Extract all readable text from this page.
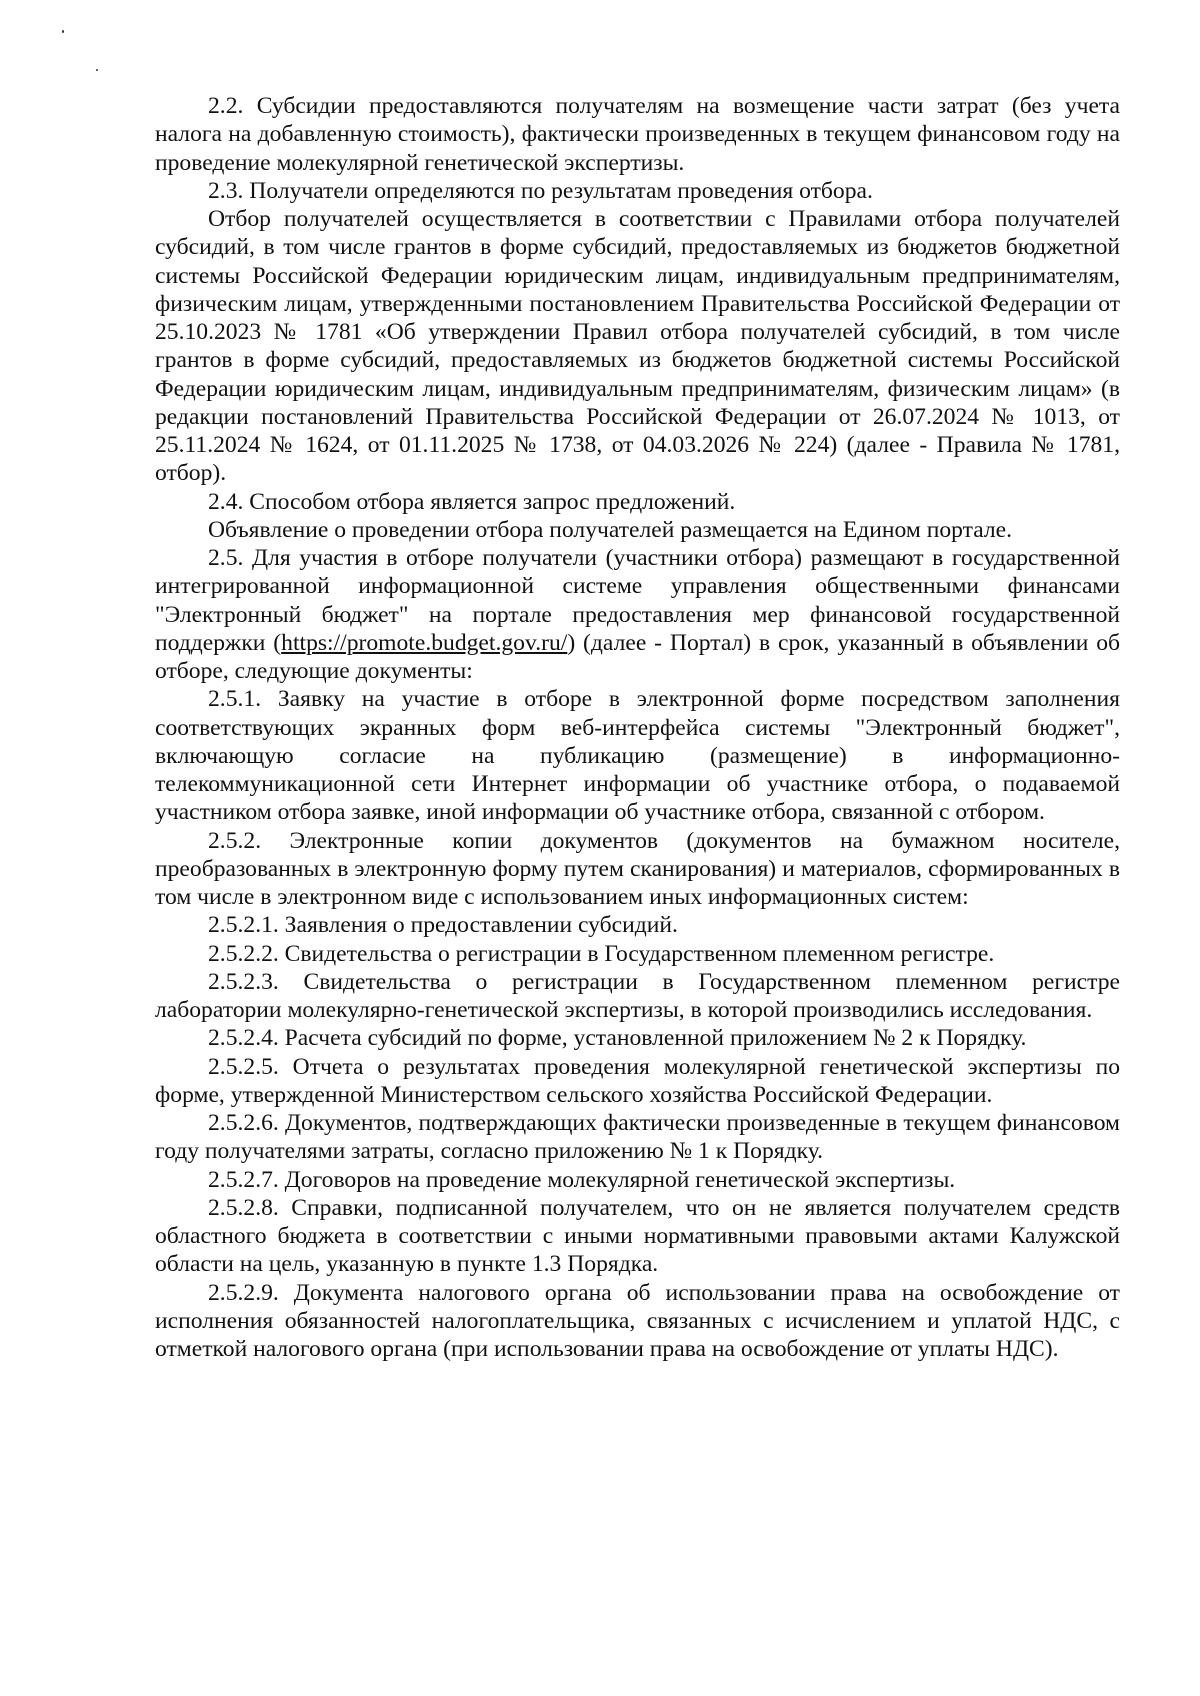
2.2. Субсидии предоставляются получателям на возмещение части затрат (без учета налога на добавленную стоимость), фактически произведенных в текущем финансовом году на проведение молекулярной генетической экспертизы.

2.3. Получатели определяются по результатам проведения отбора.

Отбор получателей осуществляется в соответствии с Правилами отбора получателей субсидий, в том числе грантов в форме субсидий, предоставляемых из бюджетов бюджетной системы Российской Федерации юридическим лицам, индивидуальным предпринимателям, физическим лицам, утвержденными постановлением Правительства Российской Федерации от 25.10.2023 № 1781 «Об утверждении Правил отбора получателей субсидий, в том числе грантов в форме субсидий, предоставляемых из бюджетов бюджетной системы Российской Федерации юридическим лицам, индивидуальным предпринимателям, физическим лицам» (в редакции постановлений Правительства Российской Федерации от 26.07.2024 № 1013, от 25.11.2024 № 1624, от 01.11.2025 № 1738, от 04.03.2026 № 224) (далее - Правила № 1781, отбор).

2.4. Способом отбора является запрос предложений.

Объявление о проведении отбора получателей размещается на Едином портале.

2.5. Для участия в отборе получатели (участники отбора) размещают в государственной интегрированной информационной системе управления общественными финансами "Электронный бюджет" на портале предоставления мер финансовой государственной поддержки (https://promote.budget.gov.ru/) (далее - Портал) в срок, указанный в объявлении об отборе, следующие документы:

2.5.1. Заявку на участие в отборе в электронной форме посредством заполнения соответствующих экранных форм веб-интерфейса системы "Электронный бюджет", включающую согласие на публикацию (размещение) в информационно-телекоммуникационной сети Интернет информации об участнике отбора, о подаваемой участником отбора заявке, иной информации об участнике отбора, связанной с отбором.

2.5.2. Электронные копии документов (документов на бумажном носителе, преобразованных в электронную форму путем сканирования) и материалов, сформированных в том числе в электронном виде с использованием иных информационных систем:

2.5.2.1. Заявления о предоставлении субсидий.

2.5.2.2. Свидетельства о регистрации в Государственном племенном регистре.

2.5.2.3. Свидетельства о регистрации в Государственном племенном регистре лаборатории молекулярно-генетической экспертизы, в которой производились исследования.

2.5.2.4. Расчета субсидий по форме, установленной приложением № 2 к Порядку.

2.5.2.5. Отчета о результатах проведения молекулярной генетической экспертизы по форме, утвержденной Министерством сельского хозяйства Российской Федерации.

2.5.2.6. Документов, подтверждающих фактически произведенные в текущем финансовом году получателями затраты, согласно приложению № 1 к Порядку.

2.5.2.7. Договоров на проведение молекулярной генетической экспертизы.

2.5.2.8. Справки, подписанной получателем, что он не является получателем средств областного бюджета в соответствии с иными нормативными правовыми актами Калужской области на цель, указанную в пункте 1.3 Порядка.

2.5.2.9. Документа налогового органа об использовании права на освобождение от исполнения обязанностей налогоплательщика, связанных с исчислением и уплатой НДС, с отметкой налогового органа (при использовании права на освобождение от уплаты НДС).
